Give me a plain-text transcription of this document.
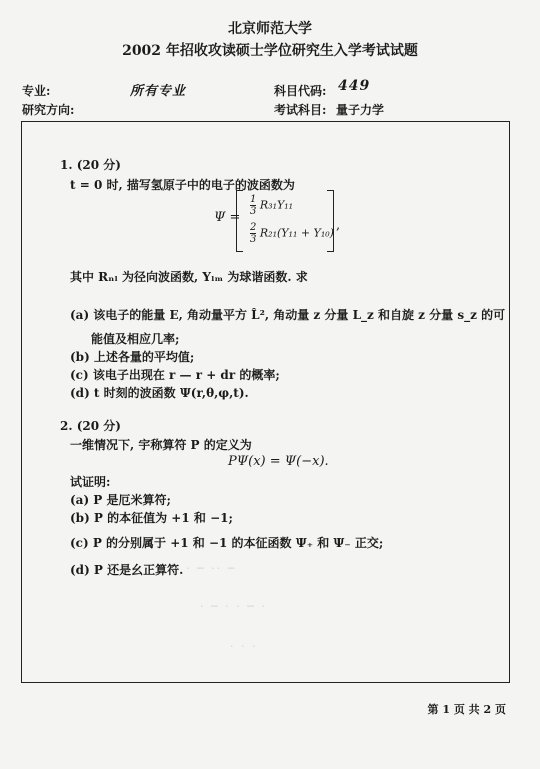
北京师范大学
2002 年招收攻读硕士学位研究生入学考试试题
专业:	所有专业	科目代码: 449
研究方向:	考试科目: 量子力学
1. (20 分)
t = 0 时, 描写氢原子中的电子的波函数为
Ψ =
$\frac{1}{3} R_{31}Y_{11}$
$\frac{2}{3} R_{21}(Y_{11} + Y_{10})$ ,
其中 Rₙₗ 为径向波函数, Yₗₘ 为球谐函数. 求
(a) 该电子的能量 E, 角动量平方 L̂², 角动量 z 分量 L_z 和自旋 z 分量 s_z 的可
能值及相应几率;
(b) 上述各量的平均值;
(c) 该电子出现在 r — r + dr 的概率;
(d) t 时刻的波函数 Ψ(r,θ,φ,t).
2. (20 分)
一维情况下, 宇称算符 P 的定义为
PΨ(x) = Ψ(−x).
试证明:
(a) P 是厄米算符;
(b) P 的本征值为 +1 和 −1;
(c) P 的分别属于 +1 和 −1 的本征函数 Ψ₊ 和 Ψ₋ 正交;
(d) P 还是幺正算符.
· · ─ ·· ─
· ─ · · ─ ·
· · ·
第 1 页 共 2 页
